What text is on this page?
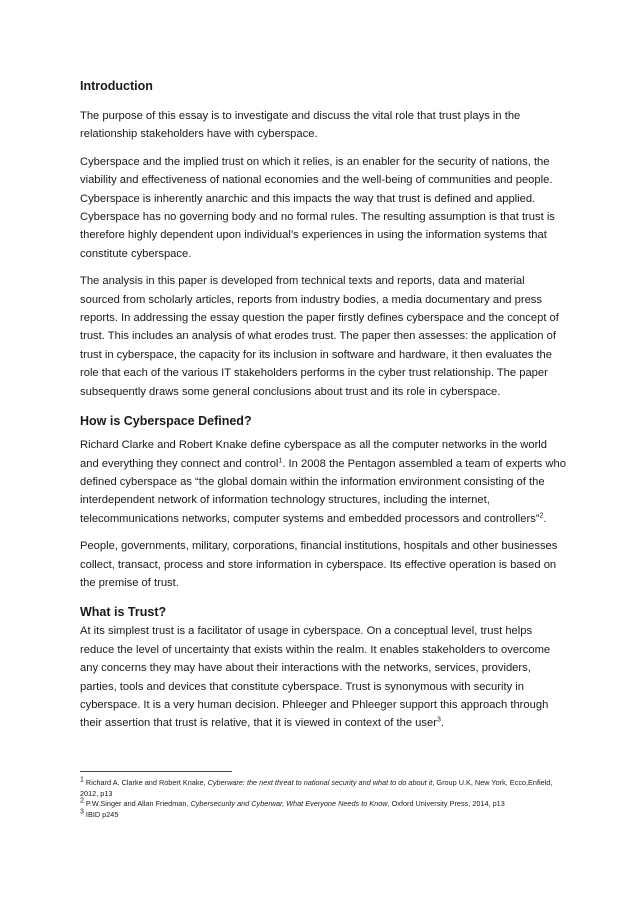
Introduction

The purpose of this essay is to investigate and discuss the vital role that trust plays in the relationship stakeholders have with cyberspace.

Cyberspace and the implied trust on which it relies, is an enabler for the security of nations, the viability and effectiveness of national economies and the well-being of communities and people. Cyberspace is inherently anarchic and this impacts the way that trust is defined and applied. Cyberspace has no governing body and no formal rules. The resulting assumption is that trust is therefore highly dependent upon individual’s experiences in using the information systems that constitute cyberspace.

The analysis in this paper is developed from technical texts and reports, data and material sourced from scholarly articles, reports from industry bodies, a media documentary and press reports. In addressing the essay question the paper firstly defines cyberspace and the concept of trust. This includes an analysis of what erodes trust. The paper then assesses: the application of trust in cyberspace, the capacity for its inclusion in software and hardware, it then evaluates the role that each of the various IT stakeholders performs in the cyber trust relationship. The paper subsequently draws some general conclusions about trust and its role in cyberspace.

How is Cyberspace Defined?

Richard Clarke and Robert Knake define cyberspace as all the computer networks in the world and everything they connect and control$^1$. In 2008 the Pentagon assembled a team of experts who defined cyberspace as “the global domain within the information environment consisting of the interdependent network of information technology structures, including the internet, telecommunications networks, computer systems and embedded processors and controllers”$^2$.

People, governments, military, corporations, financial institutions, hospitals and other businesses collect, transact, process and store information in cyberspace. Its effective operation is based on the premise of trust.

What is Trust?

At its simplest trust is a facilitator of usage in cyberspace. On a conceptual level, trust helps reduce the level of uncertainty that exists within the realm. It enables stakeholders to overcome any concerns they may have about their interactions with the networks, services, providers, parties, tools and devices that constitute cyberspace. Trust is synonymous with security in cyberspace. It is a very human decision. Phleeger and Phleeger support this approach through their assertion that trust is relative, that it is viewed in context of the user$^3$.

$^1$ Richard A. Clarke and Robert Knake, Cyberware: the next threat to national security and what to do about it, Group U.K, New York, Ecco,Enfield, 2012, p13

$^2$ P.W.Singer and Allan Friedman, Cybersecurity and Cyberwar, What Everyone Needs to Know, Oxford University Press, 2014, p13

$^3$ IBID p245
